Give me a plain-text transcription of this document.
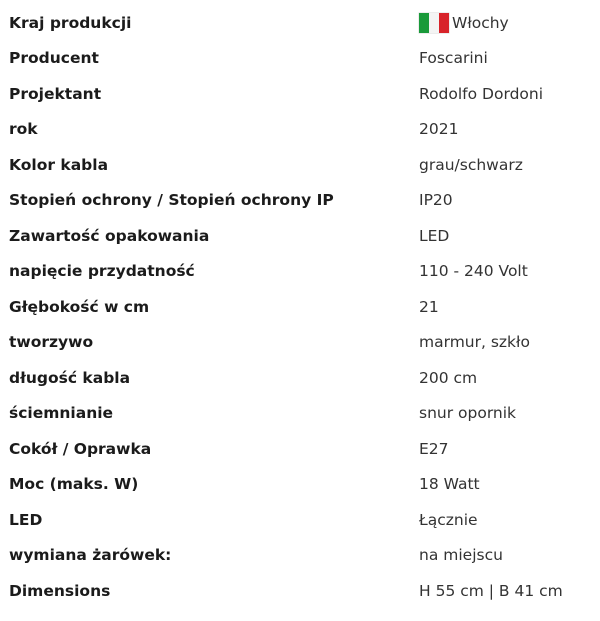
Kraj produkcji	Włochy
Producent	Foscarini
Projektant	Rodolfo Dordoni
rok	2021
Kolor kabla	grau/schwarz
Stopień ochrony / Stopień ochrony IP	IP20
Zawartość opakowania	LED
napięcie przydatność	110 - 240 Volt
Głębokość w cm	21
tworzywo	marmur, szkło
długość kabla	200 cm
ściemnianie	snur opornik
Cokół / Oprawka	E27
Moc (maks. W)	18 Watt
LED	Łącznie
wymiana żarówek:	na miejscu
Dimensions	H 55 cm | B 41 cm
